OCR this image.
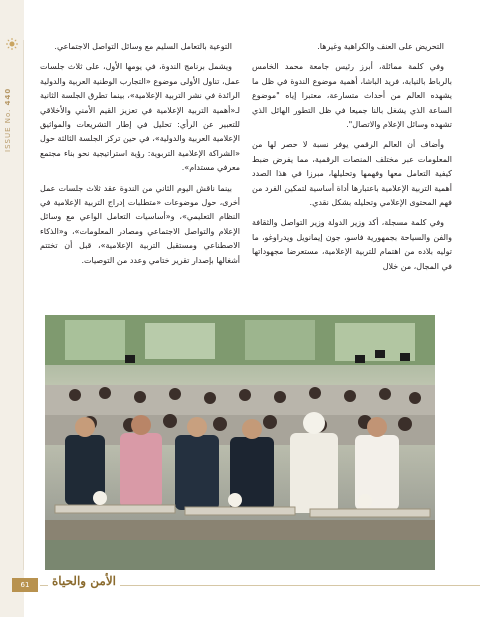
ISSUE No. 440

التحريض على العنف والكراهية وغيرها.

وفي كلمة ممائلة، أبرز رئيس جامعة محمد الخامس بالرباط بالنيابة، فريد الباشا، أهمية موضوع الندوة في ظل ما يشهده العالم من أحداث متسارعة، معتبرا إياه "موضوع الساعة الذي يشغل بالنا جميعا في ظل التطور الهائل الذي تشهده وسائل الإعلام والاتصال".

وأضاف أن العالم الرقمي يوفر نسبة لا حصر لها من المعلومات عبر مختلف المنصات الرقمية، مما يفرض ضبط كيفية التعامل معها وفهمها وتحليلها، مبرزا في هذا الصدد أهمية التربية الإعلامية باعتبارها أداة أساسية لتمكين الفرد من فهم المحتوى الإعلامي وتحليله بشكل نقدي.

وفي كلمة مسجلة، أكد وزير الدولة وزير التواصل والثقافة والفن والسياحة بجمهورية فاسو، جون إيمانويل ويدراوغو، ما توليه بلاده من اهتمام للتربية الإعلامية، مستعرضا مجهوداتها في المجال، من خلال

التوعية بالتعامل السليم مع وسائل التواصل الاجتماعي.

ويشمل برنامج الندوة، في يومها الأول، على ثلاث جلسات عمل، تناول الأولى موضوع «التجارب الوطنية العربية والدولية الرائدة في نشر التربية الإعلامية»، بينما تطرق الجلسة الثانية لـ«أهمية التربية الإعلامية في تعزيز القيم الأمني والأخلاقي للتعبير عن الرأي: تحليل في إطار التشريعات والمواثيق الإعلامية العربية والدولية»، في حين تركز الجلسة الثالثة حول «الشراكة الإعلامية التربوية: رؤية استراتيجية نحو بناء مجتمع معرفي مستدام».

بينما ناقش اليوم الثاني من الندوة عقد ثلاث جلسات عمل أخرى، حول موضوعات «متطلبات إدراج التربية الإعلامية في النظام التعليمي»، و«أساسيات التعامل الواعي مع وسائل الإعلام والتواصل الاجتماعي ومصادر المعلومات»، و«الذكاء الاصطناعي ومستقبل التربية الإعلامية»، قبل أن تختتم أشغالها بإصدار تقرير ختامي وعدد من التوصيات.

61	الأمن والحياة
